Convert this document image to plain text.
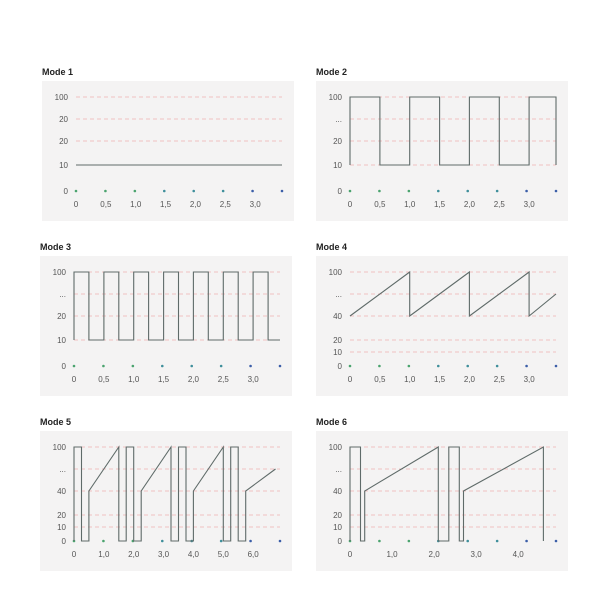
Mode 1
100
20
20
10
0
0	0,5 1,0 1,5 2,0 2,5 3,0
Mode 2
100
...
20
10
0
0	0,5 1,0 1,5 2,0 2,5 3,0
Mode 3
100
...
20
10
0
0	0,5 1,0 1,5 2,0 2,5 3,0
Mode 4
100
...
40
20
10
0
0	0,5 1,0 1,5 2,0 2,5 3,0
Mode 5
100
...
40
20
10
0
0	1,0 2,0 3,0 4,0 5,0 6,0
Mode 6
100
...
40
20
10
0
0	1,0	2,0	3,0	4,0
